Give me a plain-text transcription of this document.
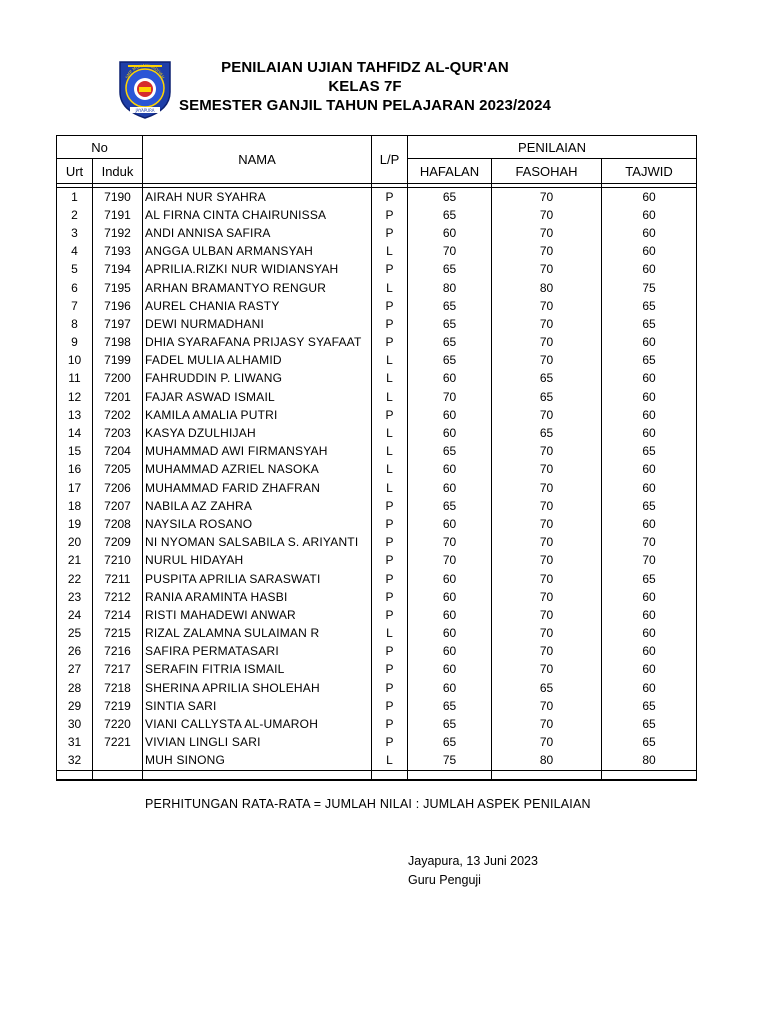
SMP MUHAMMADIYAH
JAYAPURA
PENILAIAN UJIAN TAHFIDZ AL-QUR'AN
KELAS 7F
SEMESTER GANJIL TAHUN PELAJARAN 2023/2024
No		NAMA	L/P	PENILAIAN		
Urt	Induk			HAFALAN	FASOHAH	TAJWID

1	7190	AIRAH NUR SYAHRA	P	65	70	60
2	7191	AL FIRNA CINTA CHAIRUNISSA	P	65	70	60
3	7192	ANDI ANNISA SAFIRA	P	60	70	60
4	7193	ANGGA ULBAN ARMANSYAH	L	70	70	60
5	7194	APRILIA.RIZKI NUR WIDIANSYAH	P	65	70	60
6	7195	ARHAN BRAMANTYO RENGUR	L	80	80	75
7	7196	AUREL CHANIA RASTY	P	65	70	65
8	7197	DEWI NURMADHANI	P	65	70	65
9	7198	DHIA SYARAFANA PRIJASY SYAFAAT	P	65	70	60
10	7199	FADEL MULIA ALHAMID	L	65	70	65
11	7200	FAHRUDDIN P. LIWANG	L	60	65	60
12	7201	FAJAR ASWAD ISMAIL	L	70	65	60
13	7202	KAMILA AMALIA PUTRI	P	60	70	60
14	7203	KASYA DZULHIJAH	L	60	65	60
15	7204	MUHAMMAD AWI FIRMANSYAH	L	65	70	65
16	7205	MUHAMMAD AZRIEL NASOKA	L	60	70	60
17	7206	MUHAMMAD FARID ZHAFRAN	L	60	70	60
18	7207	NABILA AZ ZAHRA	P	65	70	65
19	7208	NAYSILA ROSANO	P	60	70	60
20	7209	NI NYOMAN SALSABILA S. ARIYANTI	P	70	70	70
21	7210	NURUL HIDAYAH	P	70	70	70
22	7211	PUSPITA APRILIA SARASWATI	P	60	70	65
23	7212	RANIA ARAMINTA HASBI	P	60	70	60
24	7214	RISTI MAHADEWI ANWAR	P	60	70	60
25	7215	RIZAL ZALAMNA SULAIMAN R	L	60	70	60
26	7216	SAFIRA PERMATASARI	P	60	70	60
27	7217	SERAFIN FITRIA ISMAIL	P	60	70	60
28	7218	SHERINA APRILIA SHOLEHAH	P	60	65	60
29	7219	SINTIA SARI	P	65	70	65
30	7220	VIANI CALLYSTA AL-UMAROH	P	65	70	65
31	7221	VIVIAN LINGLI SARI	P	65	70	65
32		MUH SINONG	L	75	80	80

PERHITUNGAN RATA-RATA = JUMLAH NILAI : JUMLAH ASPEK PENILAIAN
Jayapura, 13 Juni 2023
Guru Penguji
